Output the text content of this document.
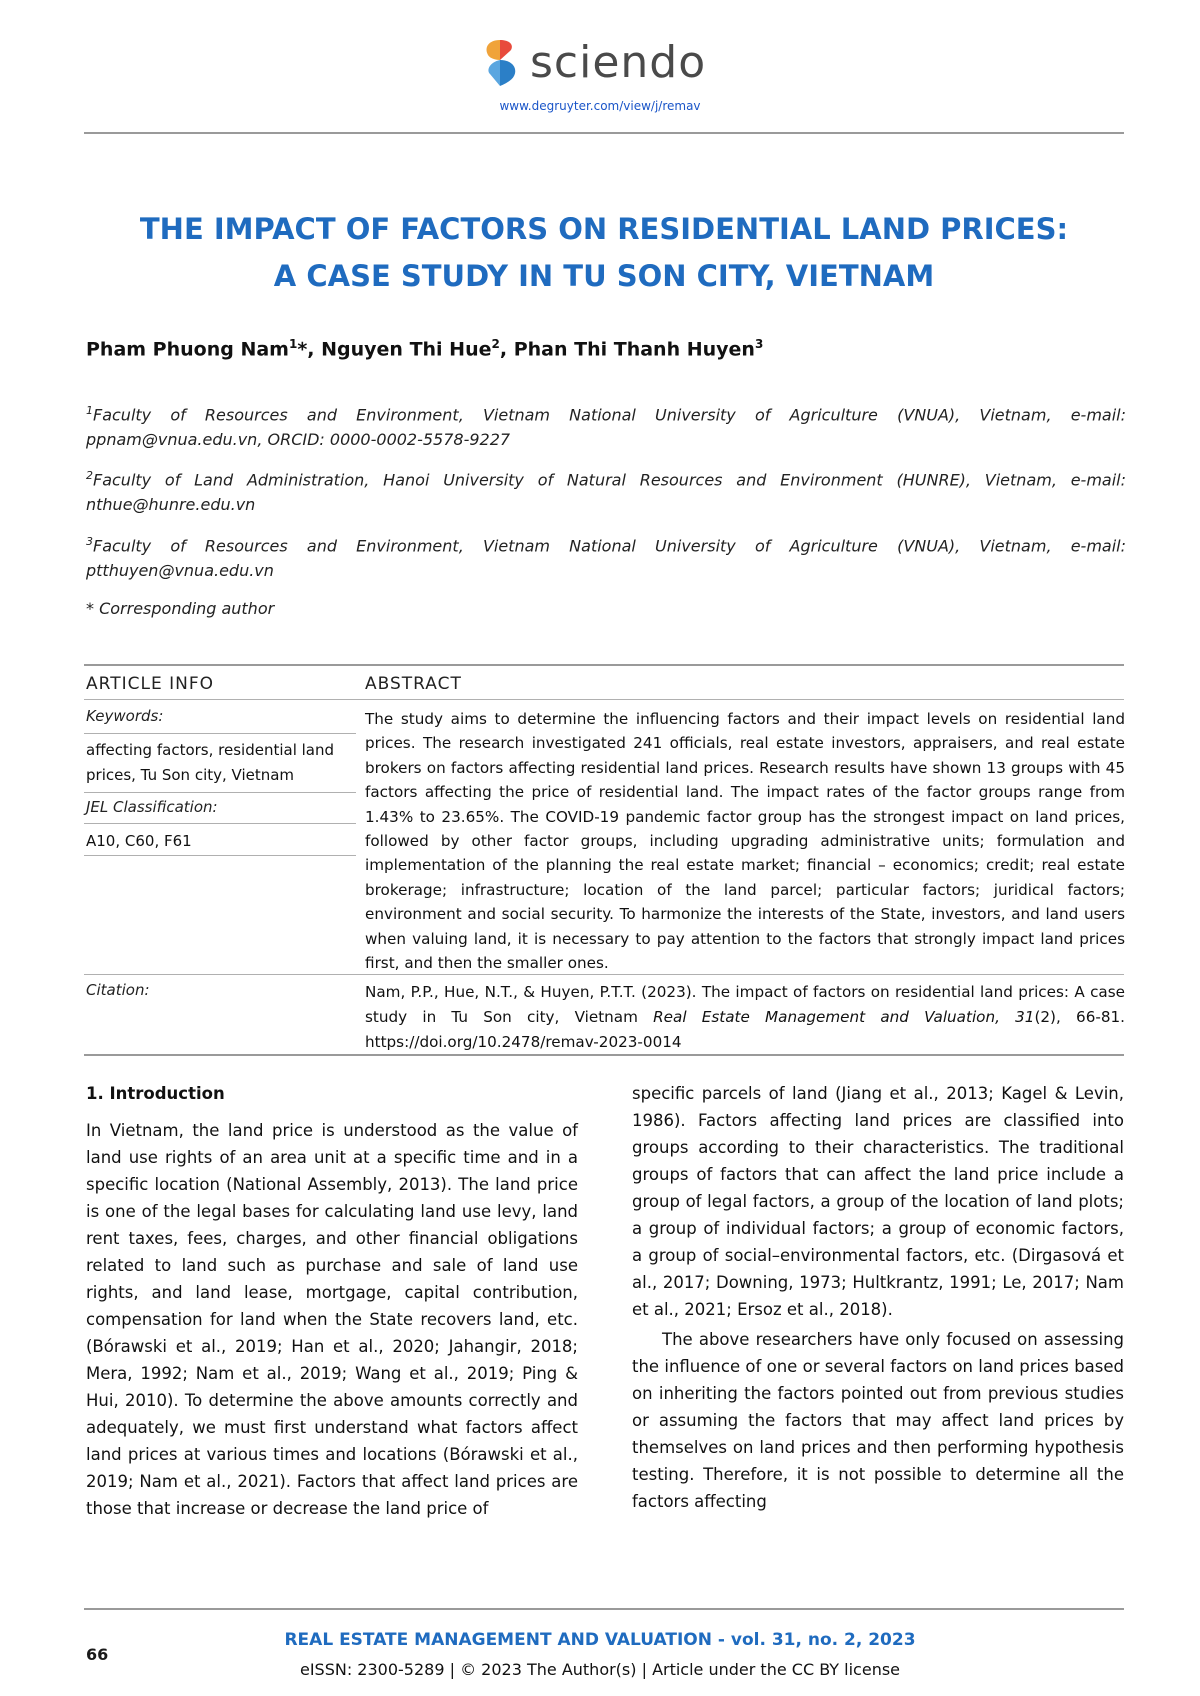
sciendo
www.degruyter.com/view/j/remav
THE IMPACT OF FACTORS ON RESIDENTIAL LAND PRICES:
A CASE STUDY IN TU SON CITY, VIETNAM
Pham Phuong Nam$^1$*, Nguyen Thi Hue$^2$, Phan Thi Thanh Huyen$^3$
$^1$Faculty of Resources and Environment, Vietnam National University of Agriculture (VNUA), Vietnam, e-mail: ppnam@vnua.edu.vn, ORCID: 0000-0002-5578-9227
$^2$Faculty of Land Administration, Hanoi University of Natural Resources and Environment (HUNRE), Vietnam, e-mail: nthue@hunre.edu.vn
$^3$Faculty of Resources and Environment, Vietnam National University of Agriculture (VNUA), Vietnam, e-mail: ptthuyen@vnua.edu.vn
* Corresponding author
ARTICLE INFO	ABSTRACT
Keywords:
affecting factors, residential land prices, Tu Son city, Vietnam
JEL Classification:
A10, C60, F61
The study aims to determine the influencing factors and their impact levels on residential land prices. The research investigated 241 officials, real estate investors, appraisers, and real estate brokers on factors affecting residential land prices. Research results have shown 13 groups with 45 factors affecting the price of residential land. The impact rates of the factor groups range from 1.43% to 23.65%. The COVID-19 pandemic factor group has the strongest impact on land prices, followed by other factor groups, including upgrading administrative units; formulation and implementation of the planning the real estate market; financial – economics; credit; real estate brokerage; infrastructure; location of the land parcel; particular factors; juridical factors; environment and social security. To harmonize the interests of the State, investors, and land users when valuing land, it is necessary to pay attention to the factors that strongly impact land prices first, and then the smaller ones.
Citation:	Nam, P.P., Hue, N.T., & Huyen, P.T.T. (2023). The impact of factors on residential land prices: A case study in Tu Son city, Vietnam Real Estate Management and Valuation, 31(2), 66-81. https://doi.org/10.2478/remav-2023-0014
1. Introduction

In Vietnam, the land price is understood as the value of land use rights of an area unit at a specific time and in a specific location (National Assembly, 2013). The land price is one of the legal bases for calculating land use levy, land rent taxes, fees, charges, and other financial obligations related to land such as purchase and sale of land use rights, and land lease, mortgage, capital contribution, compensation for land when the State recovers land, etc. (Bórawski et al., 2019; Han et al., 2020; Jahangir, 2018; Mera, 1992; Nam et al., 2019; Wang et al., 2019; Ping & Hui, 2010). To determine the above amounts correctly and adequately, we must first understand what factors affect land prices at various times and locations (Bórawski et al., 2019; Nam et al., 2021). Factors that affect land prices are those that increase or decrease the land price of

specific parcels of land (Jiang et al., 2013; Kagel & Levin, 1986). Factors affecting land prices are classified into groups according to their characteristics. The traditional groups of factors that can affect the land price include a group of legal factors, a group of the location of land plots; a group of individual factors; a group of economic factors, a group of social–environmental factors, etc. (Dirgasová et al., 2017; Downing, 1973; Hultkrantz, 1991; Le, 2017; Nam et al., 2021; Ersoz et al., 2018).

The above researchers have only focused on assessing the influence of one or several factors on land prices based on inheriting the factors pointed out from previous studies or assuming the factors that may affect land prices by themselves on land prices and then performing hypothesis testing. Therefore, it is not possible to determine all the factors affecting

66
REAL ESTATE MANAGEMENT AND VALUATION - vol. 31, no. 2, 2023
eISSN: 2300-5289 | © 2023 The Author(s) | Article under the CC BY license
